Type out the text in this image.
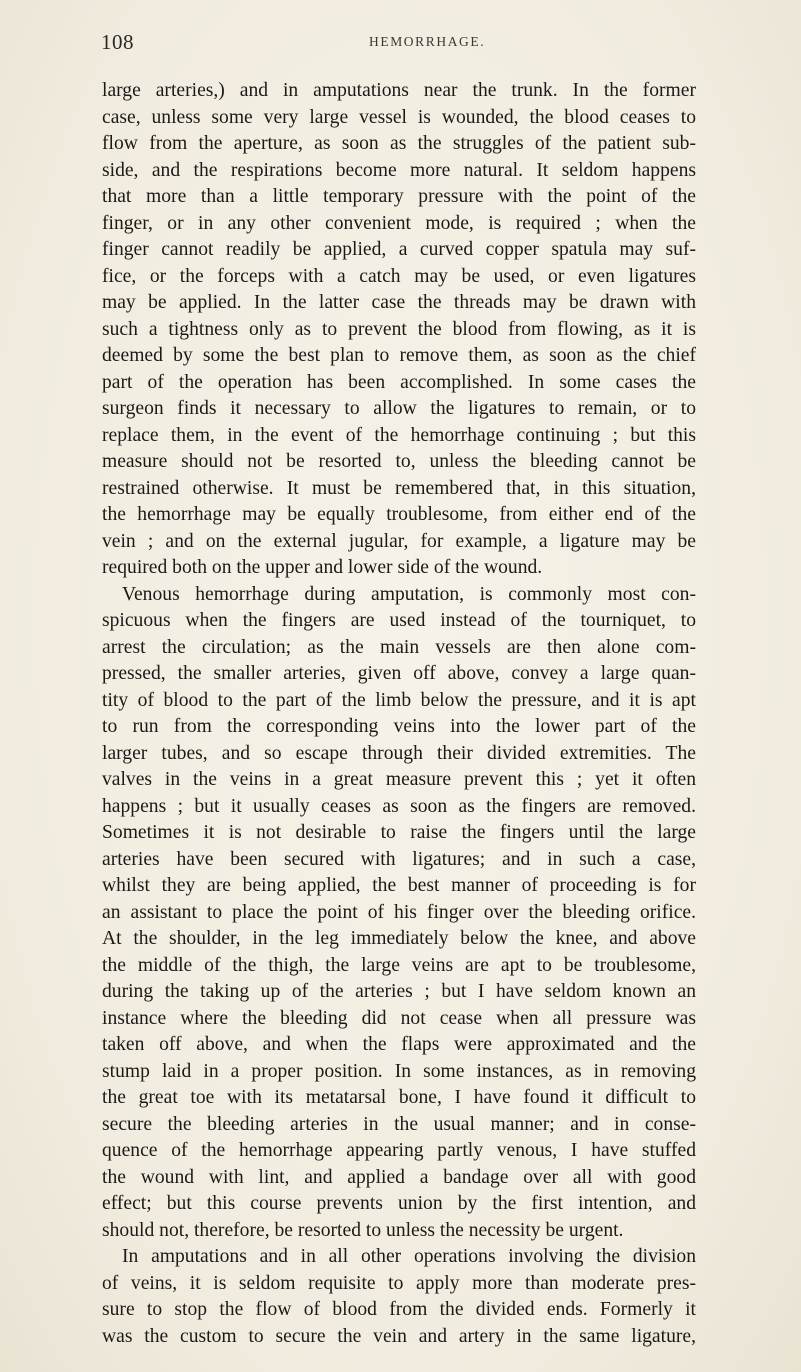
108	HEMORRHAGE.
large arteries,) and in amputations near the trunk. In the former
case, unless some very large vessel is wounded, the blood ceases to
flow from the aperture, as soon as the struggles of the patient sub-
side, and the respirations become more natural. It seldom happens
that more than a little temporary pressure with the point of the
finger, or in any other convenient mode, is required ; when the
finger cannot readily be applied, a curved copper spatula may suf-
fice, or the forceps with a catch may be used, or even ligatures
may be applied. In the latter case the threads may be drawn with
such a tightness only as to prevent the blood from flowing, as it is
deemed by some the best plan to remove them, as soon as the chief
part of the operation has been accomplished. In some cases the
surgeon finds it necessary to allow the ligatures to remain, or to
replace them, in the event of the hemorrhage continuing ; but this
measure should not be resorted to, unless the bleeding cannot be
restrained otherwise. It must be remembered that, in this situation,
the hemorrhage may be equally troublesome, from either end of the
vein ; and on the external jugular, for example, a ligature may be
required both on the upper and lower side of the wound.
Venous hemorrhage during amputation, is commonly most con-
spicuous when the fingers are used instead of the tourniquet, to
arrest the circulation; as the main vessels are then alone com-
pressed, the smaller arteries, given off above, convey a large quan-
tity of blood to the part of the limb below the pressure, and it is apt
to run from the corresponding veins into the lower part of the
larger tubes, and so escape through their divided extremities. The
valves in the veins in a great measure prevent this ; yet it often
happens ; but it usually ceases as soon as the fingers are removed.
Sometimes it is not desirable to raise the fingers until the large
arteries have been secured with ligatures; and in such a case,
whilst they are being applied, the best manner of proceeding is for
an assistant to place the point of his finger over the bleeding orifice.
At the shoulder, in the leg immediately below the knee, and above
the middle of the thigh, the large veins are apt to be troublesome,
during the taking up of the arteries ; but I have seldom known an
instance where the bleeding did not cease when all pressure was
taken off above, and when the flaps were approximated and the
stump laid in a proper position. In some instances, as in removing
the great toe with its metatarsal bone, I have found it difficult to
secure the bleeding arteries in the usual manner; and in conse-
quence of the hemorrhage appearing partly venous, I have stuffed
the wound with lint, and applied a bandage over all with good
effect; but this course prevents union by the first intention, and
should not, therefore, be resorted to unless the necessity be urgent.
In amputations and in all other operations involving the division
of veins, it is seldom requisite to apply more than moderate pres-
sure to stop the flow of blood from the divided ends. Formerly it
was the custom to secure the vein and artery in the same ligature,
